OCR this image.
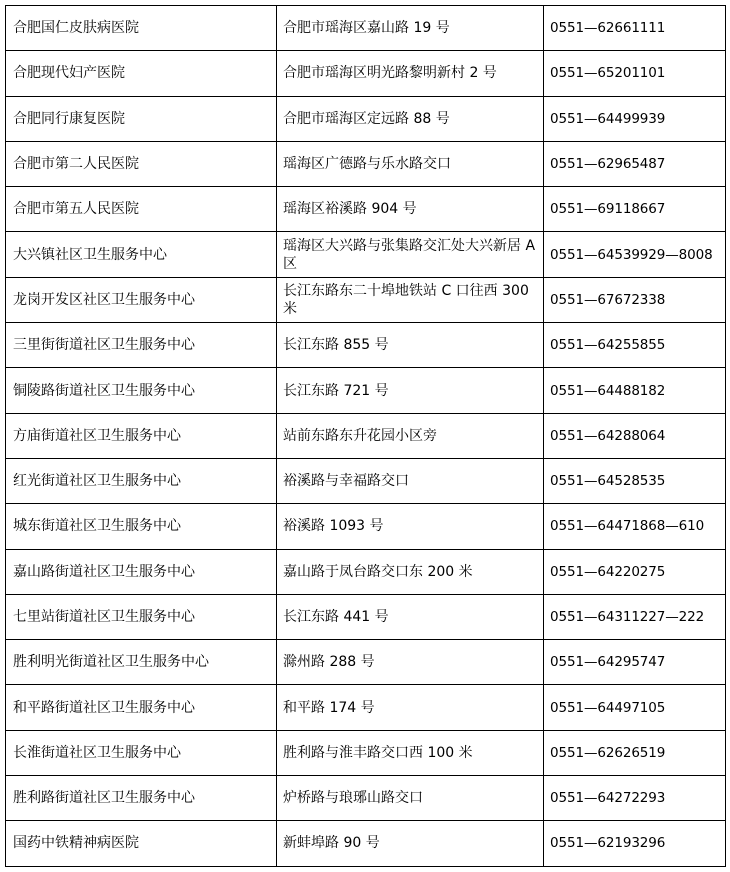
合肥国仁皮肤病医院	合肥市瑶海区嘉山路 19 号	0551—62661111
合肥现代妇产医院	合肥市瑶海区明光路黎明新村 2 号	0551—65201101
合肥同行康复医院	合肥市瑶海区定远路 88 号	0551—64499939
合肥市第二人民医院	瑶海区广德路与乐水路交口	0551—62965487
合肥市第五人民医院	瑶海区裕溪路 904 号	0551—69118667
大兴镇社区卫生服务中心	瑶海区大兴路与张集路交汇处大兴新居 A 区	0551—64539929—8008
龙岗开发区社区卫生服务中心	长江东路东二十埠地铁站 C 口往西 300 米	0551—67672338
三里街街道社区卫生服务中心	长江东路 855 号	0551—64255855
铜陵路街道社区卫生服务中心	长江东路 721 号	0551—64488182
方庙街道社区卫生服务中心	站前东路东升花园小区旁	0551—64288064
红光街道社区卫生服务中心	裕溪路与幸福路交口	0551—64528535
城东街道社区卫生服务中心	裕溪路 1093 号	0551—64471868—610
嘉山路街道社区卫生服务中心	嘉山路于凤台路交口东 200 米	0551—64220275
七里站街道社区卫生服务中心	长江东路 441 号	0551—64311227—222
胜利明光街道社区卫生服务中心	滁州路 288 号	0551—64295747
和平路街道社区卫生服务中心	和平路 174 号	0551—64497105
长淮街道社区卫生服务中心	胜利路与淮丰路交口西 100 米	0551—62626519
胜利路街道社区卫生服务中心	炉桥路与琅琊山路交口	0551—64272293
国药中铁精神病医院	新蚌埠路 90 号	0551—62193296
